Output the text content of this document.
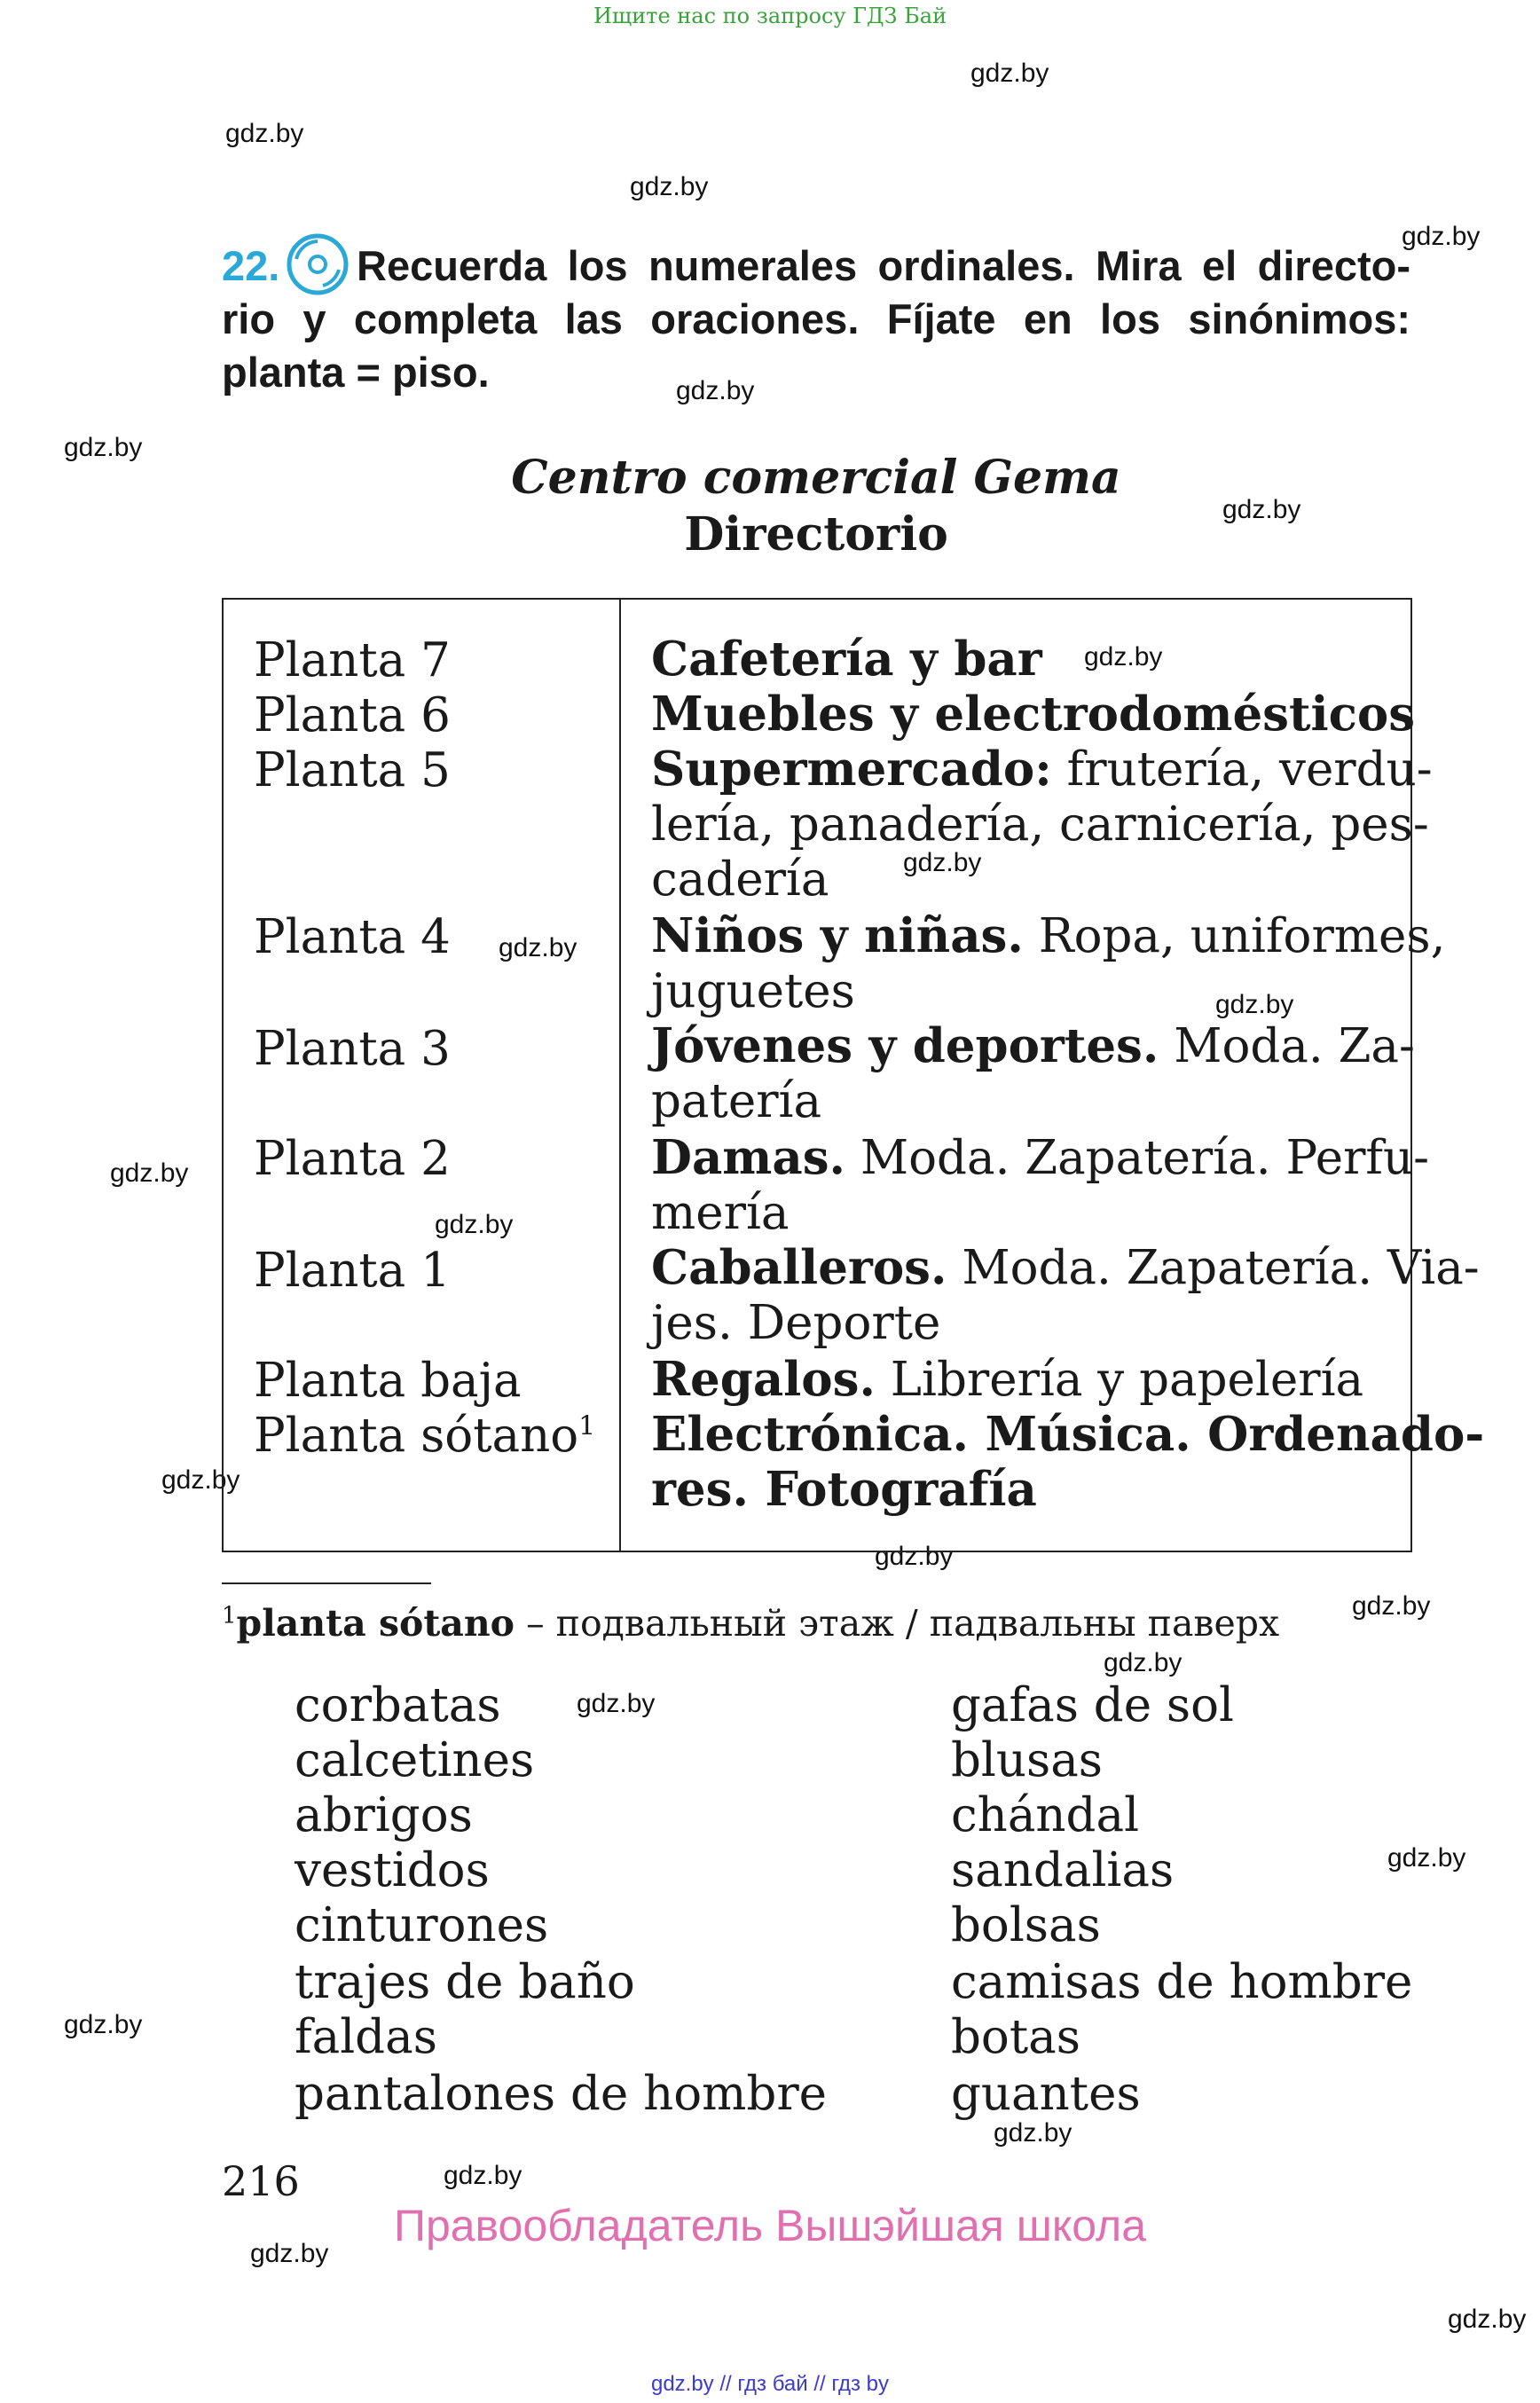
Ищите нас по запросу ГДЗ Бай
gdz.by
gdz.by
gdz.by
gdz.by
gdz.by
gdz.by
gdz.by
gdz.by
gdz.by
gdz.by
gdz.by
gdz.by
gdz.by
gdz.by
gdz.by
gdz.by
gdz.by
gdz.by
gdz.by
gdz.by
gdz.by
gdz.by
gdz.by
gdz.by
22. Recuerda los numerales ordinales. Mira el directo-
rio y completa las oraciones. Fíjate en los sinónimos:
planta = piso.
Centro comercial Gema
Directorio
Planta 7
Planta 6
Planta 5
Planta 4
Planta 3
Planta 2
Planta 1
Planta baja
Planta sótano$^1$
Cafetería y bar
Muebles y electrodomésticos
Supermercado: frutería, verdu-
lería, panadería, carnicería, pes-
cadería
Niños y niñas. Ropa, uniformes,
juguetes
Jóvenes y deportes. Moda. Za-
patería
Damas. Moda. Zapatería. Perfu-
mería
Caballeros. Moda. Zapatería. Via-
jes. Deporte
Regalos. Librería y papelería
Electrónica. Música. Ordenado-
res. Fotografía
$^1$planta sótano – подвальный этаж / падвальны паверх
corbatas
calcetines
abrigos
vestidos
cinturones
trajes de baño
faldas
pantalones de hombre
gafas de sol
blusas
chándal
sandalias
bolsas
camisas de hombre
botas
guantes
216
Правообладатель Вышэйшая школа
gdz.by // гдз бай // гдз by
